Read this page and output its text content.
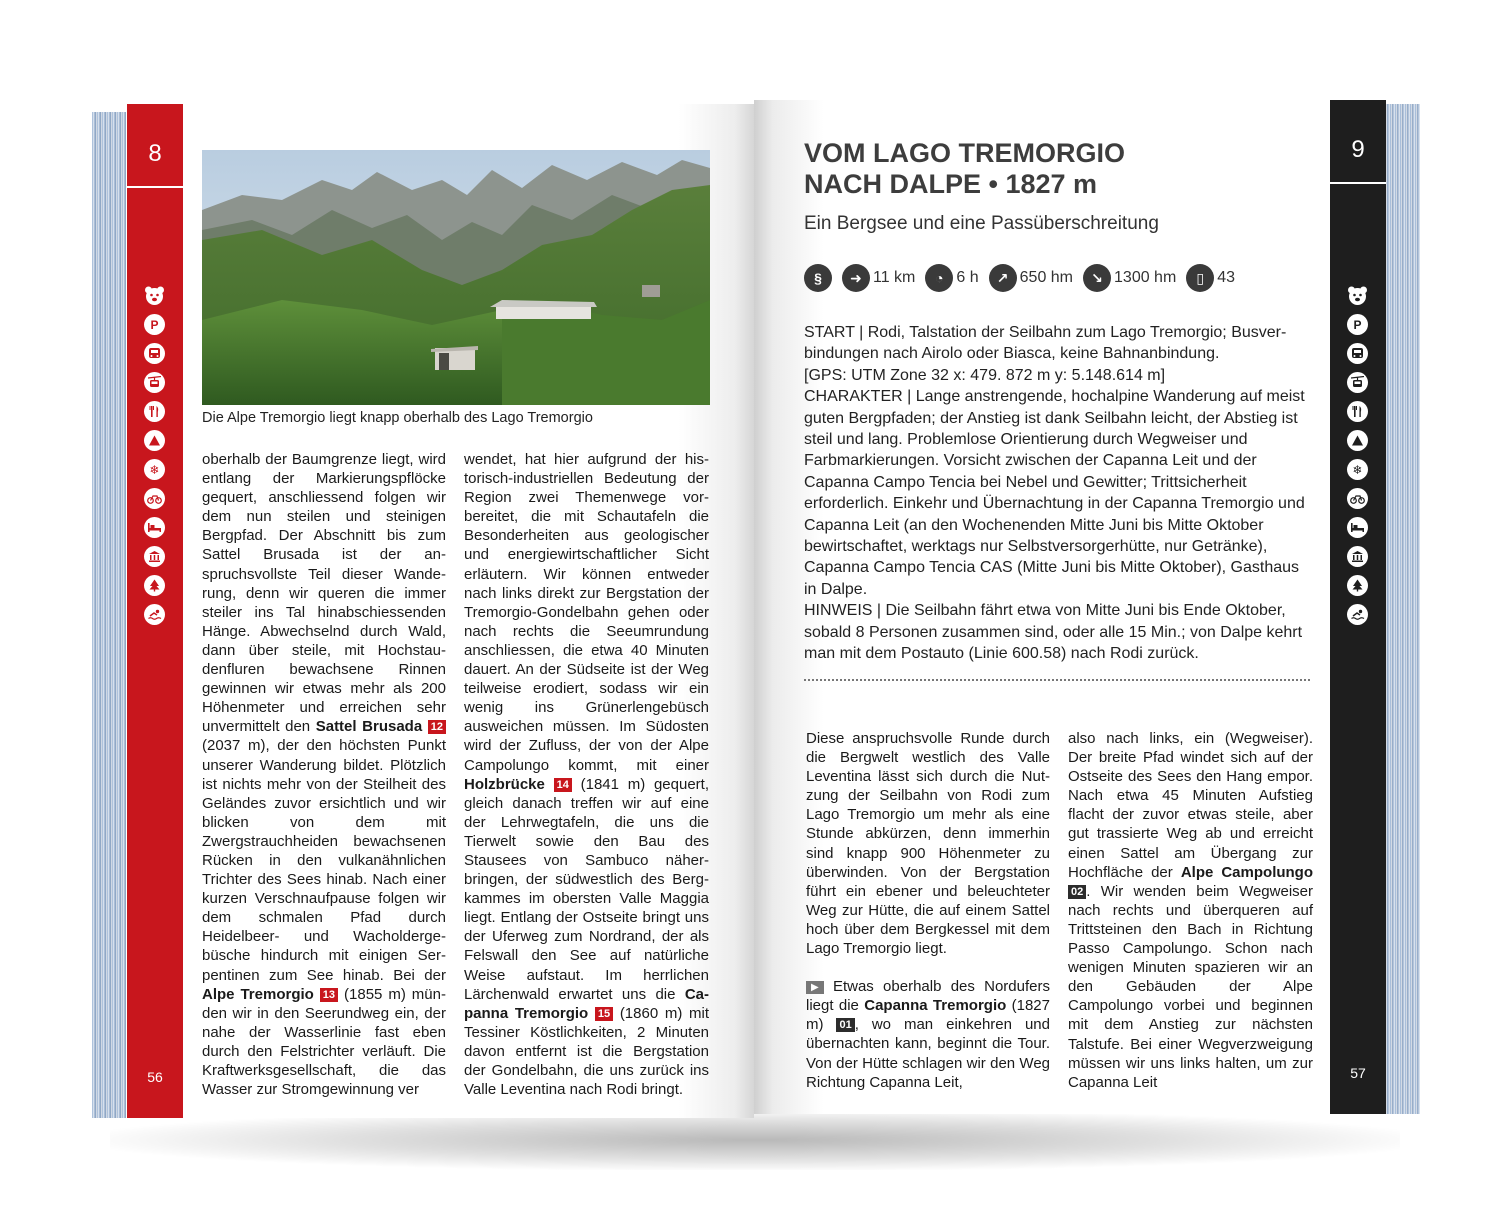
8
P
❄
56
Die Alpe Tremorgio liegt knapp oberhalb des Lago Tremorgio

oberhalb der Baumgrenze liegt, wird entlang der Markierungspflöcke gequert, anschliessend folgen wir dem nun steilen und steinigen Bergpfad. Der Abschnitt bis zum Sattel Brusada ist der anspruchsvollste Teil dieser Wanderung, denn wir queren die immer steiler ins Tal hinabschiessenden Hänge. Abwechselnd durch Wald, dann über steile, mit Hochstaudenfluren bewachsene Rinnen gewinnen wir etwas mehr als 200 Höhenmeter und erreichen sehr unvermittelt den Sattel Brusada 12 (2037 m), der den höchsten Punkt unserer Wanderung bildet. Plötzlich ist nichts mehr von der Steilheit des Geländes zuvor ersichtlich und wir blicken von dem mit Zwergstrauchheiden bewachsenen Rücken in den vulkanähnlichen Trichter des Sees hinab. Nach einer kurzen Verschnaufpause folgen wir dem schmalen Pfad durch Heidelbeer- und Wacholdergebüsche hindurch mit einigen Serpentinen zum See hinab. Bei der Alpe Tremorgio 13 (1855 m) münden wir in den Seerundweg ein, der nahe der Wasserlinie fast eben durch den Felstrichter verläuft. Die Kraftwerksgesellschaft, die das Wasser zur Stromgewinnung ver

wendet, hat hier aufgrund der historisch-industriellen Bedeutung der Region zwei Themenwege vorbereitet, die mit Schautafeln die Besonderheiten aus geologischer und energiewirtschaftlicher Sicht erläutern. Wir können entweder nach links direkt zur Bergstation der Tremorgio-Gondelbahn gehen oder nach rechts die Seeumrundung anschliessen, die etwa 40 Minuten dauert. An der Südseite ist der Weg teilweise erodiert, sodass wir ein wenig ins Grünerlengebüsch ausweichen müssen. Im Südosten wird der Zufluss, der von der Alpe Campolungo kommt, mit einer Holzbrücke 14 (1841 m) gequert, gleich danach treffen wir auf eine der Lehrwegtafeln, die uns die Tierwelt sowie den Bau des Stausees von Sambuco näherbringen, der südwestlich des Bergkammes im obersten Valle Maggia liegt. Entlang der Ostseite bringt uns der Uferweg zum Nordrand, der als Felswall den See auf natürliche Weise aufstaut. Im herrlichen Lärchenwald erwartet uns die Capanna Tremorgio 15 (1860 m) mit Tessiner Köstlichkeiten, 2 Minuten davon entfernt ist die Bergstation der Gondelbahn, die uns zurück ins Valle Leventina nach Rodi bringt.

9
P
❄
57
VOM LAGO TREMORGIO
NACH DALPE • 1827 m
Ein Bergsee und eine Passüberschreitung
§	➜ 11 km	◔ 6 h	↗ 650 hm	↘ 1300 hm	▯ 43

START | Rodi, Talstation der Seilbahn zum Lago Tremorgio; Busverbindungen nach Airolo oder Biasca, keine Bahnanbindung.

[GPS: UTM Zone 32 x: 479. 872 m y: 5.148.614 m]

CHARAKTER | Lange anstrengende, hochalpine Wanderung auf meist guten Bergpfaden; der Anstieg ist dank Seilbahn leicht, der Abstieg ist steil und lang. Problemlose Orientierung durch Wegweiser und Farbmarkierungen. Vorsicht zwischen der Capanna Leit und der Capanna Campo Tencia bei Nebel und Gewitter; Trittsicherheit erforderlich. Einkehr und Übernachtung in der Capanna Tremorgio und Capanna Leit (an den Wochenenden Mitte Juni bis Mitte Oktober bewirtschaftet, werktags nur Selbstversorgerhütte, nur Getränke), Capanna Campo Tencia CAS (Mitte Juni bis Mitte Oktober), Gasthaus in Dalpe.

HINWEIS | Die Seilbahn fährt etwa von Mitte Juni bis Ende Oktober, sobald 8 Personen zusammen sind, oder alle 15 Min.; von Dalpe kehrt man mit dem Postauto (Linie 600.58) nach Rodi zurück.

Diese anspruchsvolle Runde durch die Bergwelt westlich des Valle Leventina lässt sich durch die Nutzung der Seilbahn von Rodi zum Lago Tremorgio um mehr als eine Stunde abkürzen, denn immerhin sind knapp 900 Höhenmeter zu überwinden. Von der Bergstation führt ein ebener und beleuchteter Weg zur Hütte, die auf einem Sattel hoch über dem Bergkessel mit dem Lago Tremorgio liegt.

▶ Etwas oberhalb des Nordufers liegt die Capanna Tremorgio (1827 m) 01 , wo man einkehren und übernachten kann, beginnt die Tour. Von der Hütte schlagen wir den Weg Richtung Capanna Leit,

also nach links, ein (Wegweiser). Der breite Pfad windet sich auf der Ostseite des Sees den Hang empor. Nach etwa 45 Minuten Aufstieg flacht der zuvor etwas steile, aber gut trassierte Weg ab und erreicht einen Sattel am Übergang zur Hochfläche der Alpe Campolungo 02 . Wir wenden beim Wegweiser nach rechts und überqueren auf Trittsteinen den Bach in Richtung Passo Campolungo. Schon nach wenigen Minuten spazieren wir an den Gebäuden der Alpe Campolungo vorbei und beginnen mit dem Anstieg zur nächsten Talstufe. Bei einer Wegverzweigung müssen wir uns links halten, um zur Capanna Leit
